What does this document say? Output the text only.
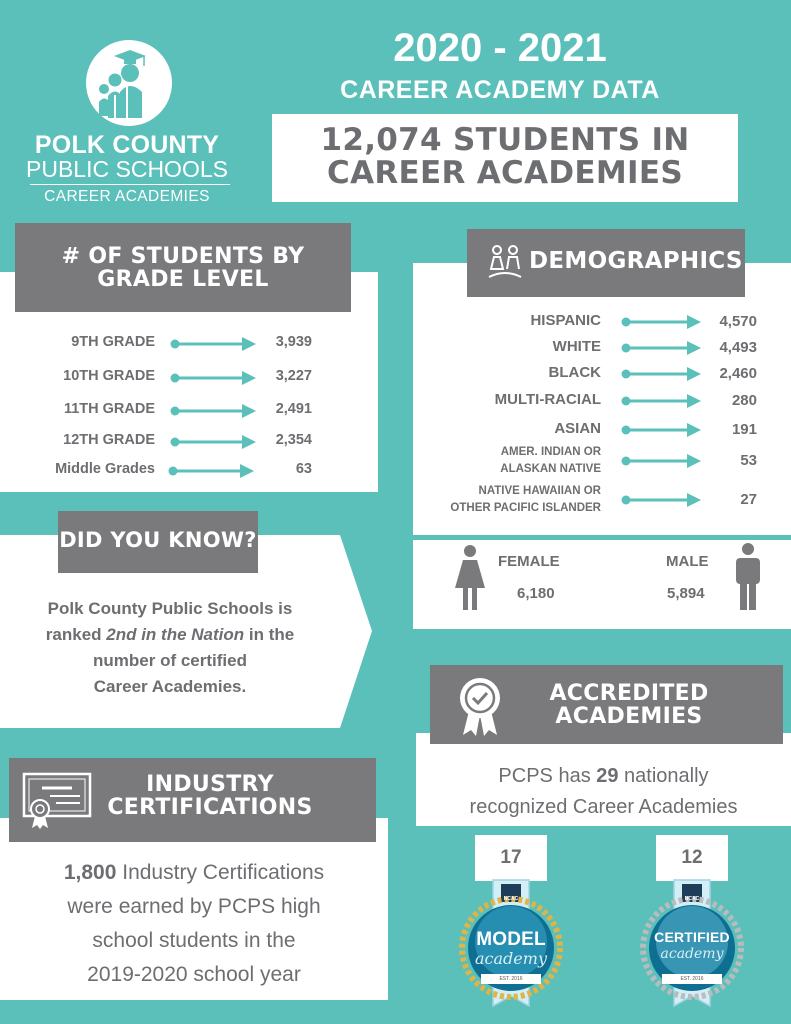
POLK COUNTY
PUBLIC SCHOOLS
CAREER ACADEMIES
2020 - 2021
CAREER ACADEMY DATA
12,074 STUDENTS IN
CAREER ACADEMIES
# OF STUDENTS BY
GRADE LEVEL
9TH GRADE	3,939
10TH GRADE	3,227
11TH GRADE	2,491
12TH GRADE	2,354
Middle Grades	63
DEMOGRAPHICS
HISPANIC	4,570
WHITE	4,493
BLACK	2,460
MULTI-RACIAL	280
ASIAN	191
AMER. INDIAN OR
ALASKAN NATIVE	53
NATIVE HAWAIIAN OR
OTHER PACIFIC ISLANDER	27
FEMALE
6,180
MALE
5,894
DID YOU KNOW?
Polk County Public Schools is
ranked 2nd in the Nation in the
number of certified
Career Academies.	ACCREDITED
ACADEMIES
PCPS has 29 nationally
recognized Career Academies
17
NCAC
MODEL
academy
EST. 2016
12
NCAC
CERTIFIED
academy
EST. 2016
INDUSTRY
CERTIFICATIONS
1,800 Industry Certifications
were earned by PCPS high
school students in the
2019-2020 school year
